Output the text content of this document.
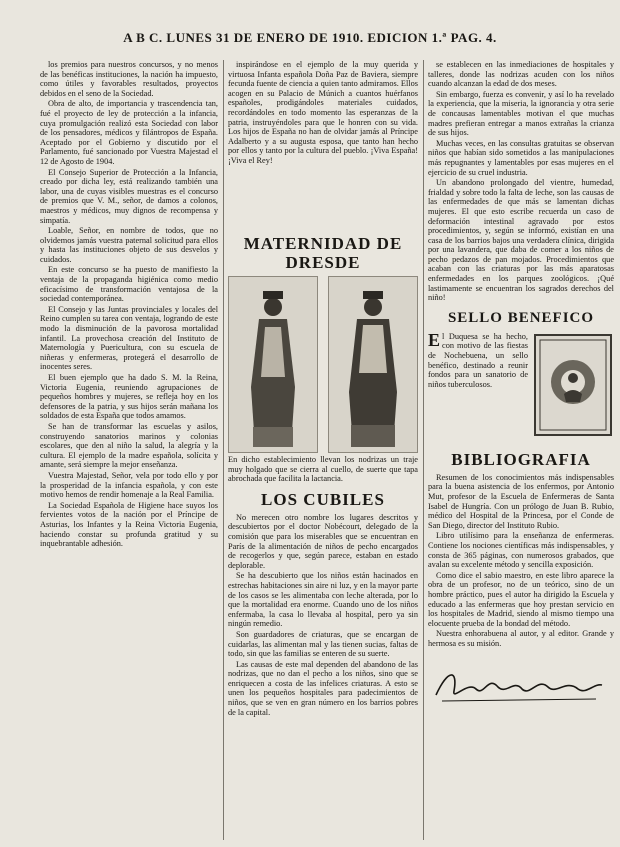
A B C. LUNES 31 DE ENERO DE 1910. EDICION 1.ª PAG. 4.

los premios para nuestros concursos, y no menos de las benéficas instituciones, la nación ha impuesto, como útiles y favorables resultados, proyectos debidos en el seno de la Sociedad.

Obra de alto, de importancia y trascendencia tan, fué el proyecto de ley de protección a la infancia, cuya promulgación realizó esta Sociedad con labor de los pensadores, médicos y filántropos de España. Aceptado por el Gobierno y discutido por el Parlamento, fué sancionado por Vuestra Majestad el 12 de Agosto de 1904.

El Consejo Superior de Protección a la Infancia, creado por dicha ley, está realizando también una labor, una de cuyas visibles muestras es el concurso de premios que V. M., señor, de damos a colonos, maestros y médicos, muy dignos de recompensa y simpatía.

Loable, Señor, en nombre de todos, que no olvidemos jamás vuestra paternal solicitud para ellos y hasta las instituciones objeto de sus desvelos y cuidados.

En este concurso se ha puesto de manifiesto la ventaja de la propaganda higiénica como medio eficacísimo de transformación ventajosa de la sociedad contemporánea.

El Consejo y las Juntas provinciales y locales del Reino cumplen su tarea con ventaja, logrando de este modo la disminución de la pavorosa mortalidad infantil. La provechosa creación del Instituto de Maternología y Puericultura, con su escuela de niñeras y enfermeras, protegerá el desarrollo de inocentes seres.

El buen ejemplo que ha dado S. M. la Reina, Victoria Eugenia, reuniendo agrupaciones de pequeños hombres y mujeres, se refleja hoy en los defensores de la patria, y sus hijos serán mañana los soldados de esta España que todos amamos.

Se han de transformar las escuelas y asilos, construyendo sanatorios marinos y colonias escolares, que den al niño la salud, la alegría y la cultura. El ejemplo de la madre española, solícita y amante, será siempre la mejor enseñanza.

Vuestra Majestad, Señor, vela por todo ello y por la prosperidad de la infancia española, y con este motivo hemos de rendir homenaje a la Real Familia.

La Sociedad Española de Higiene hace suyos los fervientes votos de la nación por el Príncipe de Asturias, los Infantes y la Reina Victoria Eugenia, haciendo constar su profunda gratitud y su inquebrantable adhesión.

inspirándose en el ejemplo de la muy querida y virtuosa Infanta española Doña Paz de Baviera, siempre fecunda fuente de ciencia a quien tanto admiramos. Ellos acogen en su Palacio de Múnich a cuantos huérfanos españoles, prodigándoles materiales cuidados, recordándoles en todo momento las esperanzas de la patria, instruyéndoles para que le honren con su vida. Los hijos de España no han de olvidar jamás al Príncipe Adalberto y a su augusta esposa, que tanto han hecho por ellos y tanto por la cultura del pueblo. ¡Viva España! ¡Viva el Rey!

MATERNIDAD DE DRESDE
En dicho establecimiento llevan los nodrizas un traje muy holgado que se cierra al cuello, de suerte que tapa abrochada que facilita la lactancia.
LOS CUBILES

No merecen otro nombre los lugares descritos y descubiertos por el doctor Nobécourt, delegado de la comisión que para los miserables que se encuentran en París de la alimentación de niños de pecho encargados de recogerlos y que, según parece, estaban en estado deplorable.

Se ha descubierto que los niños están hacinados en estrechas habitaciones sin aire ni luz, y en la mayor parte de los casos se les alimentaba con leche alterada, por lo que la mortalidad era enorme. Cuando uno de los niños enfermaba, la casa lo llevaba al hospital, pero ya sin ningún remedio.

Son guardadores de criaturas, que se encargan de cuidarlas, las alimentan mal y las tienen sucias, faltas de todo, sin que las familias se enteren de su suerte.

Las causas de este mal dependen del abandono de las nodrizas, que no dan el pecho a los niños, sino que se enriquecen a costa de las infelices criaturas. A esto se unen los pequeños hospitales para padecimientos de niños, que se ven en gran número en los barrios pobres de la capital.

se establecen en las inmediaciones de hospitales y talleres, donde las nodrizas acuden con los niños cuando alcanzan la edad de dos meses.

Sin embargo, fuerza es convenir, y así lo ha revelado la experiencia, que la miseria, la ignorancia y otra serie de concausas lamentables motivan el que muchas madres prefieran entregar a manos extrañas la crianza de sus hijos.

Muchas veces, en las consultas gratuitas se observan niños que habían sido sometidos a las manipulaciones más repugnantes y lamentables por esas mujeres en el ejercicio de su cruel industria.

Un abandono prolongado del vientre, humedad, frialdad y sobre todo la falta de leche, son las causas de las enfermedades de que más se lamentan dichas mujeres. El que esto escribe recuerda un caso de deformación intestinal agravado por estos procedimientos, y, según se informó, existían en una casa de los barrios bajos una verdadera clínica, dirigida por una lavandera, que daba de comer a los niños de pecho pedazos de pan mojados. Procedimientos que acaban con las criaturas por las más aparatosas enfermedades en los parques zoológicos. ¡Qué lastimamente se encuentran los sagrados derechos del niño!

SELLO BENEFICO
El Duquesa se ha hecho, con motivo de las fiestas de Nochebuena, un sello benéfico, destinado a reunir fondos para un sanatorio de niños tuberculosos.
BIBLIOGRAFIA

Resumen de los conocimientos más indispensables para la buena asistencia de los enfermos, por Antonio Mut, profesor de la Escuela de Enfermeras de Santa Isabel de Hungría. Con un prólogo de Juan B. Rubio, médico del Hospital de la Princesa, por el Conde de San Diego, director del Instituto Rubio.

Libro utilísimo para la enseñanza de enfermeras. Contiene los nociones científicas más indispensables, y consta de 365 páginas, con numerosos grabados, que avalan su excelente método y sencilla exposición.

Como dice el sabio maestro, en este libro aparece la obra de un profesor, no de un teórico, sino de un hombre práctico, pues el autor ha dirigido la Escuela y educado a las enfermeras que hoy prestan servicio en los hospitales de Madrid, siendo al mismo tiempo una elocuente prueba de la bondad del método.

Nuestra enhorabuena al autor, y al editor. Grande y hermosa es su misión.
